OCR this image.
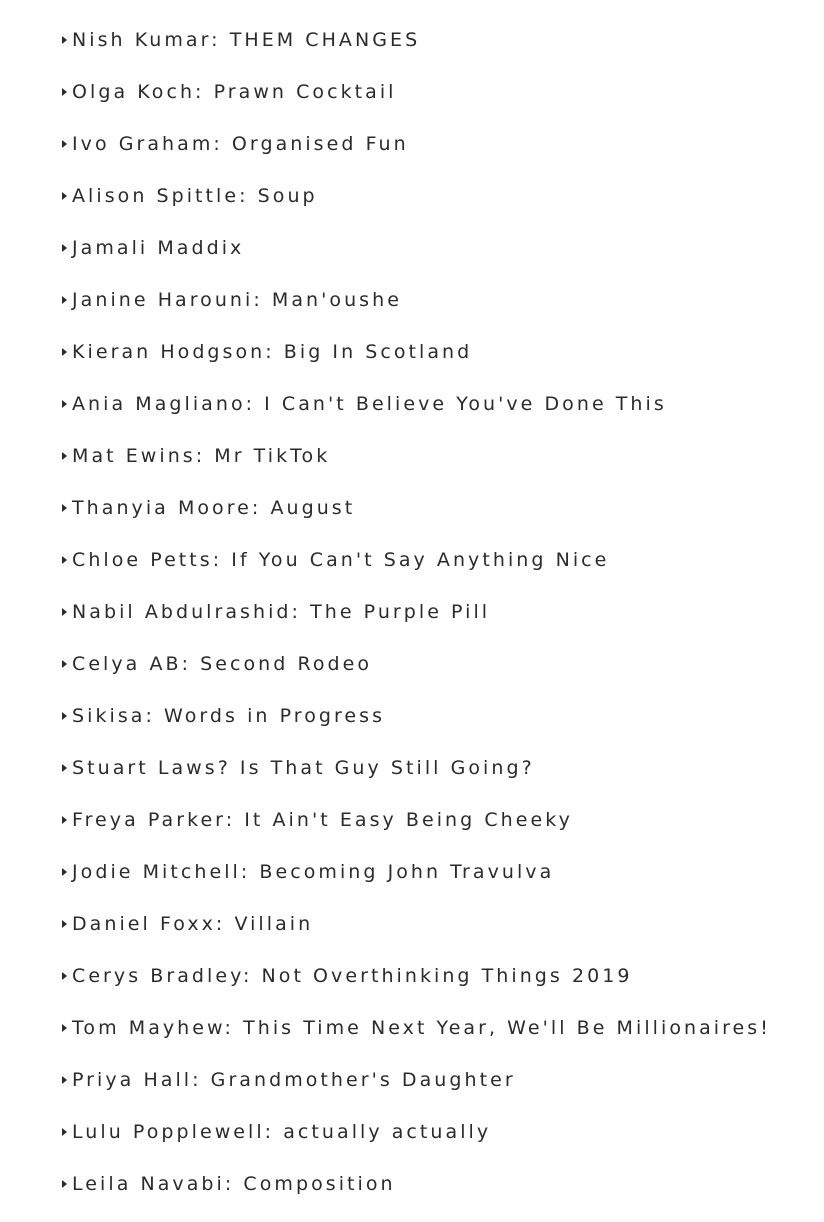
Nish Kumar: THEM CHANGES
Olga Koch: Prawn Cocktail
Ivo Graham: Organised Fun
Alison Spittle: Soup
Jamali Maddix
Janine Harouni: Man'oushe
Kieran Hodgson: Big In Scotland
Ania Magliano: I Can't Believe You've Done This
Mat Ewins: Mr TikTok
Thanyia Moore: August
Chloe Petts: If You Can't Say Anything Nice
Nabil Abdulrashid: The Purple Pill
Celya AB: Second Rodeo
Sikisa: Words in Progress
Stuart Laws? Is That Guy Still Going?
Freya Parker: It Ain't Easy Being Cheeky
Jodie Mitchell: Becoming John Travulva
Daniel Foxx: Villain
Cerys Bradley: Not Overthinking Things 2019
Tom Mayhew: This Time Next Year, We'll Be Millionaires!
Priya Hall: Grandmother's Daughter
Lulu Popplewell: actually actually
Leila Navabi: Composition
